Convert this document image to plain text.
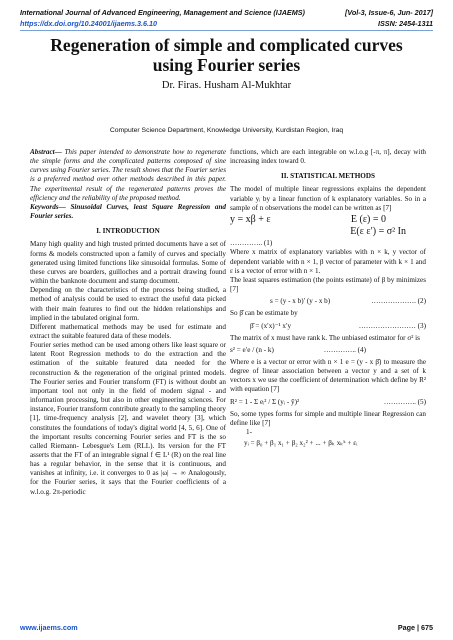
International Journal of Advanced Engineering, Management and Science (IJAEMS)	[Vol-3, Issue-6, Jun- 2017]
https://dx.doi.org/10.24001/ijaems.3.6.10	ISSN: 2454-1311
Regeneration of simple and complicated curves
using Fourier series
Dr. Firas. Husham Al-Mukhtar
Computer Science Department, Knowledge University, Kurdistan Region, Iraq

Abstract— This paper intended to demonstrate how to regenerate the simple forms and the complicated patterns composed of sine curves using Fourier series. The result shows that the Fourier series is a preferred method over other methods described in this paper. The experimental result of the regenerated patterns proves the efficiency and the reliability of the proposed method.

Keywords— Sinusoidal Curves, least Square Regression and Fourier series.

I. INTRODUCTION

Many high quality and high trusted printed documents have a set of forms & models constructed upon a family of curves and specially generated using limited functions like sinusoidal formulas. Some of these curves are boarders, guilloches and a portrait drawing found within the banknote document and stamp document.

Depending on the characteristics of the process being studied, a method of analysis could be used to extract the useful data picked with their main features to find out the hidden relationships and implied in the tabulated original form.

Different mathematical methods may be used for estimate and extract the suitable featured data of these models.

Fourier series method can be used among others like least square or latent Root Regression methods to do the extraction and the estimation of the suitable featured data needed for the reconstruction & the regeneration of the original printed models. The Fourier series and Fourier transform (FT) is without doubt an important tool not only in the field of modern signal - and information processing, but also in other engineering sciences. For instance, Fourier transform contribute greatly to the sampling theory [1], time-frequency analysis [2], and wavelet theory [3], which constitutes the foundations of today's digital world [4, 5, 6]. One of the important results concerning Fourier series and FT is the so called Riemann- Lebesgue's Lem (RLL). Its version for the FT asserts that the FT of an integrable signal f ∈ L¹ (R) on the real line has a regular behavior, in the sense that it is continuous, and vanishes at infinity, i.e. it converges to 0 as |ω| → ∞ Analogously, for the Fourier series, it says that the Fourier coefficients of a w.l.o.g. 2π-periodic

functions, which are each integrable on w.l.o.g [-π, π], decay with increasing index toward 0.

II. STATISTICAL METHODS

The model of multiple linear regressions explains the dependent variable yᵢ by a linear function of k explanatory variables. So in a sample of n observations the model can be written as [7]

y = xβ + ε	E (ε) = 0
E(ε ε′) = σ² In

………….. (1)

Where x matrix of explanatory variables with n × k, y vector of dependent variable with n × 1, β vector of parameter with k × 1 and ε is a vector of error with n × 1.

The least squares estimation (the points estimate) of β by minimizes [7]

s = (y - x b)′ (y - x b)	………………. (2)

So β̂ can be estimate by

β̂ = (x′x)⁻¹ x′y	…………………… (3)

The matrix of x must have rank k. The unbiased estimator for σ² is

s² = e′e / (n - k)	………….. (4)

Where e is a vector or error with n × 1 e = (y - x β̂) to measure the degree of linear association between a vector y and a set of k vectors x we use the coefficient of determination which define by R² with equation [7]

R² = 1 - Σ eᵢ² / Σ (yᵢ - ȳ)²	………….. (5)

So, some types forms for simple and multiple linear Regression can define like [7]

1-

yᵢ = β₀ + β₁ x₁ + β₂ x₂² + ... + βₖ xₖᵏ + εᵢ
www.ijaems.com	Page | 675
